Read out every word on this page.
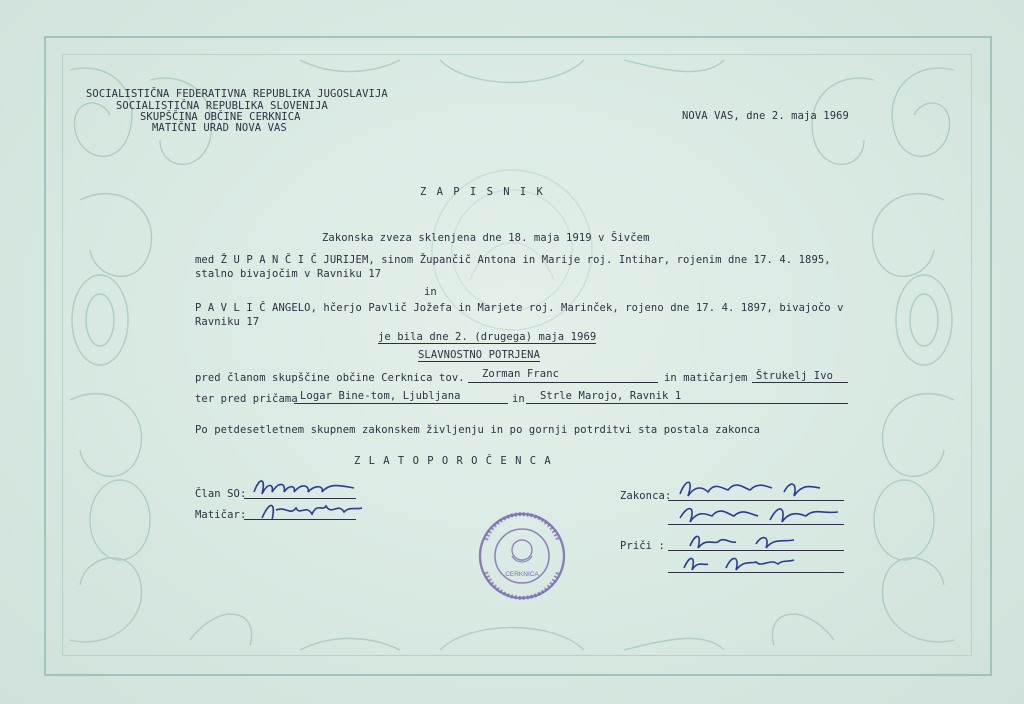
SOCIALISTIČNA FEDERATIVNA REPUBLIKA JUGOSLAVIJA
SOCIALISTIČNA REPUBLIKA SLOVENIJA
SKUPŠČINA OBČINE CERKNICA
MATIČNI URAD NOVA VAS
NOVA VAS, dne 2. maja 1969
Z A P I S N I K
Zakonska zveza sklenjena dne 18. maja 1919 v Šivčem
med Ž U P A N Č I Č JURIJEM, sinom Župančič Antona in Marije roj. Intihar, rojenim dne 17. 4. 1895,
stalno bivajočim v Ravniku 17
in
P A V L I Č ANGELO, hčerjo Pavlič Jožefa in Marjete roj. Marinček, rojeno dne 17. 4. 1897, bivajočo v
Ravniku 17
je bila dne 2. (drugega) maja 1969
SLAVNOSTNO POTRJENA
pred članom skupščine občine Cerknica tov. Zorman Franc	in matičarjem Štrukelj Ivo
ter pred pričama Logar Bine-tom, Ljubljana	in Strle Marojo, Ravnik 1
Po petdesetletnem skupnem zakonskem življenju in po gornji potrditvi sta postala zakonca
Z L A T O P O R O Č E N C A
Član SO:
Matičar:
Zakonca:
Priči :
CERKNICA
